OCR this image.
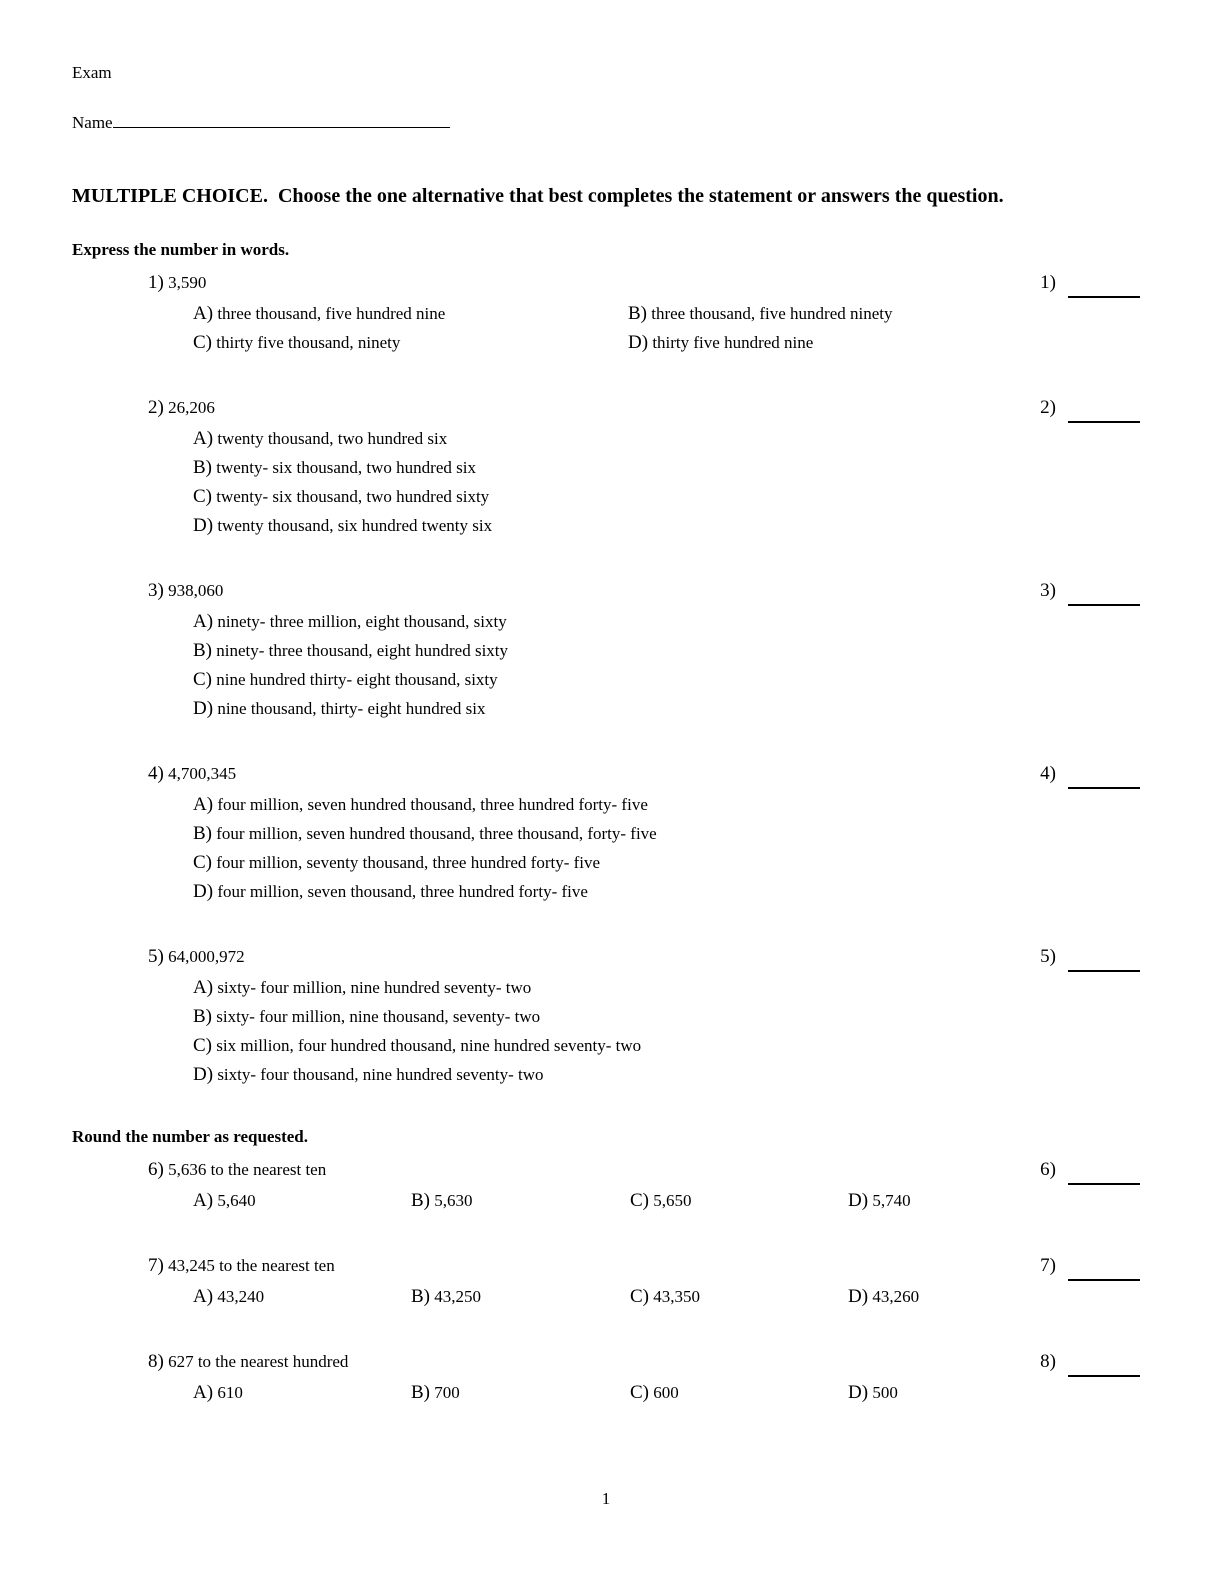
Exam
Name
MULTIPLE CHOICE.  Choose the one alternative that best completes the statement or answers the question.
Express the number in words.
1) 3,590	1)
A) three thousand, five hundred nine	B) three thousand, five hundred ninety
C) thirty five thousand, ninety	D) thirty five hundred nine
2) 26,206	2)
A) twenty thousand, two hundred six
B) twenty- six thousand, two hundred six
C) twenty- six thousand, two hundred sixty
D) twenty thousand, six hundred twenty six
3) 938,060	3)
A) ninety- three million, eight thousand, sixty
B) ninety- three thousand, eight hundred sixty
C) nine hundred thirty- eight thousand, sixty
D) nine thousand, thirty- eight hundred six
4) 4,700,345	4)
A) four million, seven hundred thousand, three hundred forty- five
B) four million, seven hundred thousand, three thousand, forty- five
C) four million, seventy thousand, three hundred forty- five
D) four million, seven thousand, three hundred forty- five
5) 64,000,972	5)
A) sixty- four million, nine hundred seventy- two
B) sixty- four million, nine thousand, seventy- two
C) six million, four hundred thousand, nine hundred seventy- two
D) sixty- four thousand, nine hundred seventy- two
Round the number as requested.
6) 5,636 to the nearest ten	6)
A) 5,640	B) 5,630	C) 5,650	D) 5,740
7) 43,245 to the nearest ten	7)
A) 43,240	B) 43,250	C) 43,350	D) 43,260
8) 627 to the nearest hundred	8)
A) 610	B) 700	C) 600	D) 500
1
